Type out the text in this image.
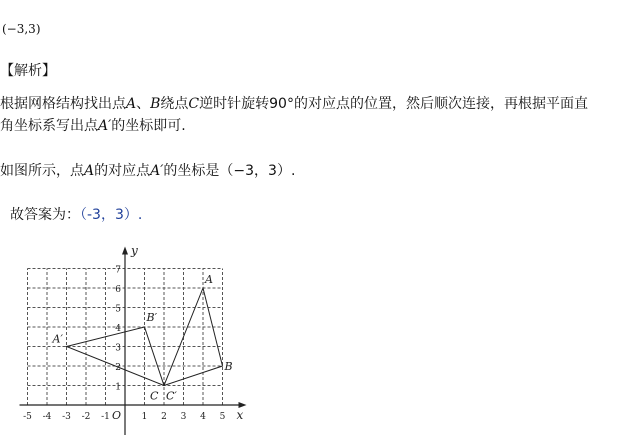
(−3,3)
【解析】
根据网格结构找出点A、B绕点C逆时针旋转90°的对应点的位置，然后顺次连接，再根据平面直
角坐标系写出点A′的坐标即可.
如图所示，点A的对应点A′的坐标是（−3，3）.
故答案为：（-3，3）.
x
y
O
-5 -4 -3 -2 -1	1 2 3 4 5
1
2
3
4
5
6
7
A
B
C C′
A′
B′
